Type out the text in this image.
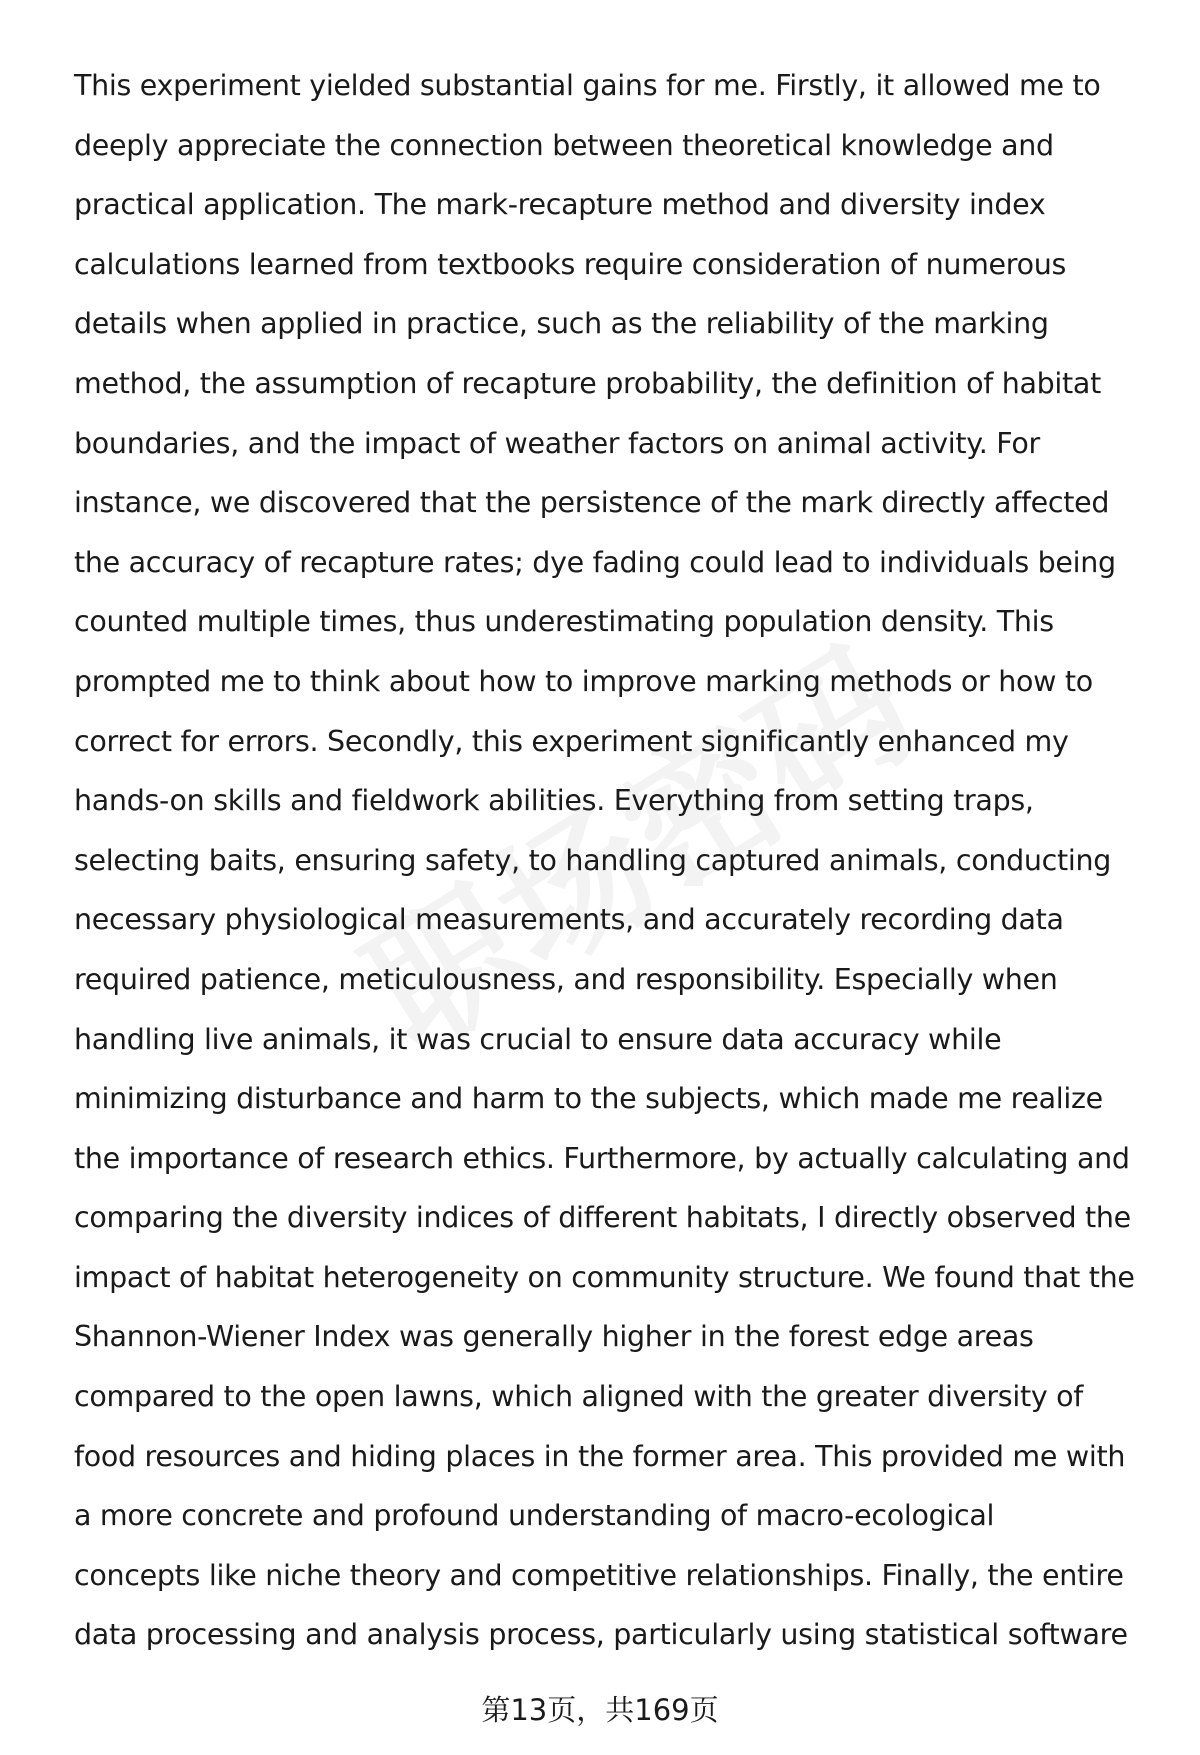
This experiment yielded substantial gains for me. Firstly, it allowed me to
deeply appreciate the connection between theoretical knowledge and
practical application. The mark-recapture method and diversity index
calculations learned from textbooks require consideration of numerous
details when applied in practice, such as the reliability of the marking
method, the assumption of recapture probability, the definition of habitat
boundaries, and the impact of weather factors on animal activity. For
instance, we discovered that the persistence of the mark directly affected
the accuracy of recapture rates; dye fading could lead to individuals being
counted multiple times, thus underestimating population density. This
prompted me to think about how to improve marking methods or how to
correct for errors. Secondly, this experiment significantly enhanced my
hands-on skills and fieldwork abilities. Everything from setting traps,
selecting baits, ensuring safety, to handling captured animals, conducting
necessary physiological measurements, and accurately recording data
required patience, meticulousness, and responsibility. Especially when
handling live animals, it was crucial to ensure data accuracy while
minimizing disturbance and harm to the subjects, which made me realize
the importance of research ethics. Furthermore, by actually calculating and
comparing the diversity indices of different habitats, I directly observed the
impact of habitat heterogeneity on community structure. We found that the
Shannon-Wiener Index was generally higher in the forest edge areas
compared to the open lawns, which aligned with the greater diversity of
food resources and hiding places in the former area. This provided me with
a more concrete and profound understanding of macro-ecological
concepts like niche theory and competitive relationships. Finally, the entire
data processing and analysis process, particularly using statistical software
第13页，共169页
